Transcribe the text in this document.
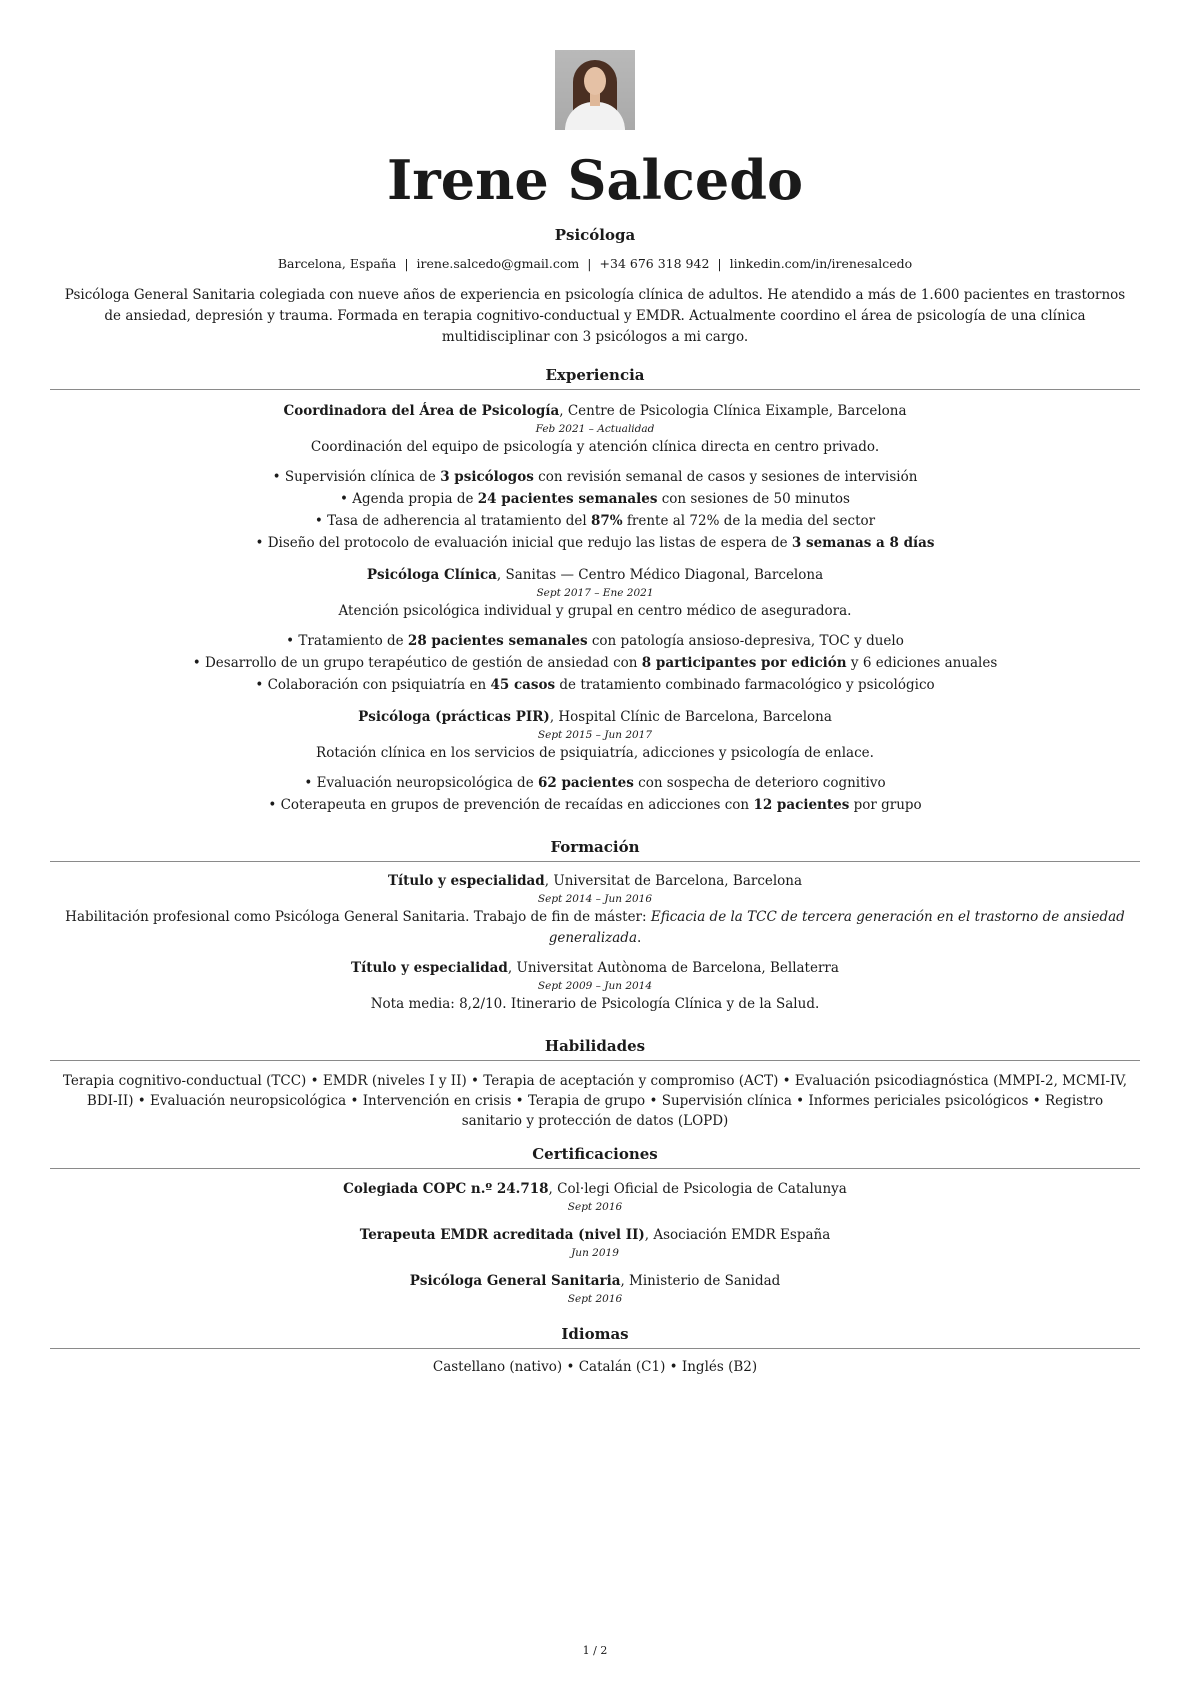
Irene Salcedo
Psicóloga
Barcelona, España | irene.salcedo@gmail.com | +34 676 318 942 | linkedin.com/in/irenesalcedo
Psicóloga General Sanitaria colegiada con nueve años de experiencia en psicología clínica de adultos. He atendido a más de 1.600 pacientes en trastornos de ansiedad, depresión y trauma. Formada en terapia cognitivo-conductual y EMDR. Actualmente coordino el área de psicología de una clínica multidisciplinar con 3 psicólogos a mi cargo.
Experiencia
Coordinadora del Área de Psicología, Centre de Psicologia Clínica Eixample, Barcelona
Feb 2021 – Actualidad
Coordinación del equipo de psicología y atención clínica directa en centro privado.
• Supervisión clínica de 3 psicólogos con revisión semanal de casos y sesiones de intervisión
• Agenda propia de 24 pacientes semanales con sesiones de 50 minutos
• Tasa de adherencia al tratamiento del 87% frente al 72% de la media del sector
• Diseño del protocolo de evaluación inicial que redujo las listas de espera de 3 semanas a 8 días
Psicóloga Clínica, Sanitas — Centro Médico Diagonal, Barcelona
Sept 2017 – Ene 2021
Atención psicológica individual y grupal en centro médico de aseguradora.
• Tratamiento de 28 pacientes semanales con patología ansioso-depresiva, TOC y duelo
• Desarrollo de un grupo terapéutico de gestión de ansiedad con 8 participantes por edición y 6 ediciones anuales
• Colaboración con psiquiatría en 45 casos de tratamiento combinado farmacológico y psicológico
Psicóloga (prácticas PIR), Hospital Clínic de Barcelona, Barcelona
Sept 2015 – Jun 2017
Rotación clínica en los servicios de psiquiatría, adicciones y psicología de enlace.
• Evaluación neuropsicológica de 62 pacientes con sospecha de deterioro cognitivo
• Coterapeuta en grupos de prevención de recaídas en adicciones con 12 pacientes por grupo
Formación
Título y especialidad, Universitat de Barcelona, Barcelona
Sept 2014 – Jun 2016
Habilitación profesional como Psicóloga General Sanitaria. Trabajo de fin de máster: Eficacia de la TCC de tercera generación en el trastorno de ansiedad generalizada.
Título y especialidad, Universitat Autònoma de Barcelona, Bellaterra
Sept 2009 – Jun 2014
Nota media: 8,2/10. Itinerario de Psicología Clínica y de la Salud.
Habilidades
Terapia cognitivo-conductual (TCC) • EMDR (niveles I y II) • Terapia de aceptación y compromiso (ACT) • Evaluación psicodiagnóstica (MMPI-2, MCMI-IV, BDI-II) • Evaluación neuropsicológica • Intervención en crisis • Terapia de grupo • Supervisión clínica • Informes periciales psicológicos • Registro sanitario y protección de datos (LOPD)
Certificaciones
Colegiada COPC n.º 24.718, Col·legi Oficial de Psicologia de Catalunya
Sept 2016
Terapeuta EMDR acreditada (nivel II), Asociación EMDR España
Jun 2019
Psicóloga General Sanitaria, Ministerio de Sanidad
Sept 2016
Idiomas
Castellano (nativo) • Catalán (C1) • Inglés (B2)
1 / 2
